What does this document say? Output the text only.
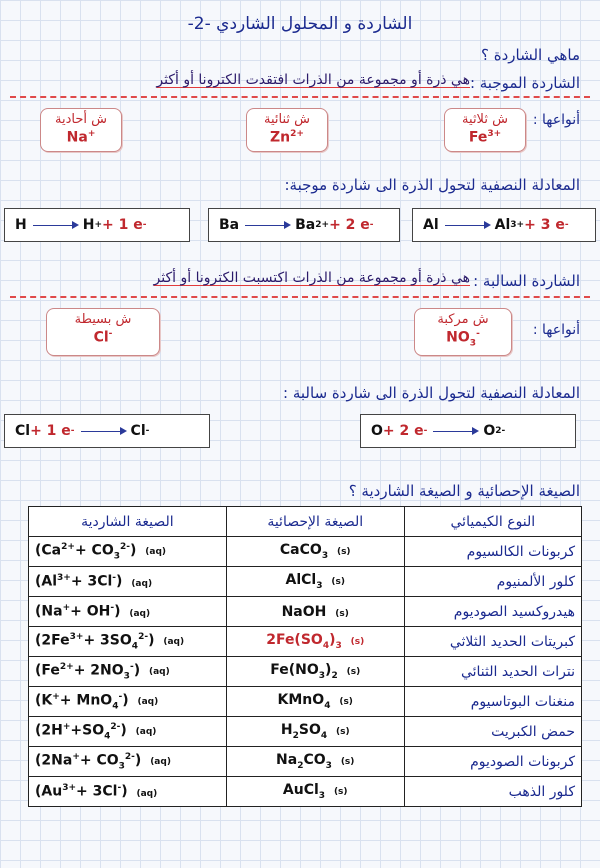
الشاردة و المحلول الشاردي -2-
ماهي الشاردة ؟
الشاردة الموجبة :
هي ذرة أو مجموعة من الذرات افتقدت الكترونا أو أكثر
أنواعها :
ش أحادية
Na+
ش ثنائية
$Zn^{2+}$
ش ثلاثية
$Fe^{3+}$
المعادلة النصفية لتحول الذرة الى شاردة موجبة:
H	H + + 1 e -	Ba	Ba 2+ + 2 e -	Al	Al 3+ + 3 e -
الشاردة السالبة :
هي ذرة أو مجموعة من الذرات اكتسبت الكترونا أو أكثر
أنواعها :
ش بسيطة
Cl-
ش مركبة
$NO_3^-$
المعادلة النصفية لتحول الذرة الى شاردة سالبة :
Cl + 1 e -	Cl -	O + 2 e -	O 2-
الصيغة الإحصائية و الصيغة الشاردية ؟
الصيغة الشاردية	الصيغة الإحصائية	النوع الكيميائي
$(Ca^{2+}+ CO_3^{2-})$ (aq)	CaCO$_3$ (s)	كربونات الكالسيوم
$(Al^{3+}+ 3Cl^-)$ (aq)	AlCl$_3$ (s)	كلور الألمنيوم
(Na++ OH-) (aq)	NaOH (s)	هيدروكسيد الصوديوم
$(2Fe^{3+}+ 3SO_4^{2-})$ (aq)	$2Fe(SO_4)_3$ (s)	كبريتات الحديد الثلاثي
$(Fe^{2+}+ 2NO_3^-)$ (aq)	$Fe(NO_3)_2$ (s)	نترات الحديد الثنائي
(K++ MnO$_4$-) (aq)	KMnO$_4$ (s)	منغنات البوتاسيوم
$(2H^++SO_4^{2-})$ (aq)	$H_2SO_4$ (s)	حمض الكبريت
$(2Na^++ CO_3^{2-})$ (aq)	$Na_2CO_3$ (s)	كربونات الصوديوم
$(Au^{3+}+ 3Cl^-)$ (aq)	AuCl$_3$ (s)	كلور الذهب
